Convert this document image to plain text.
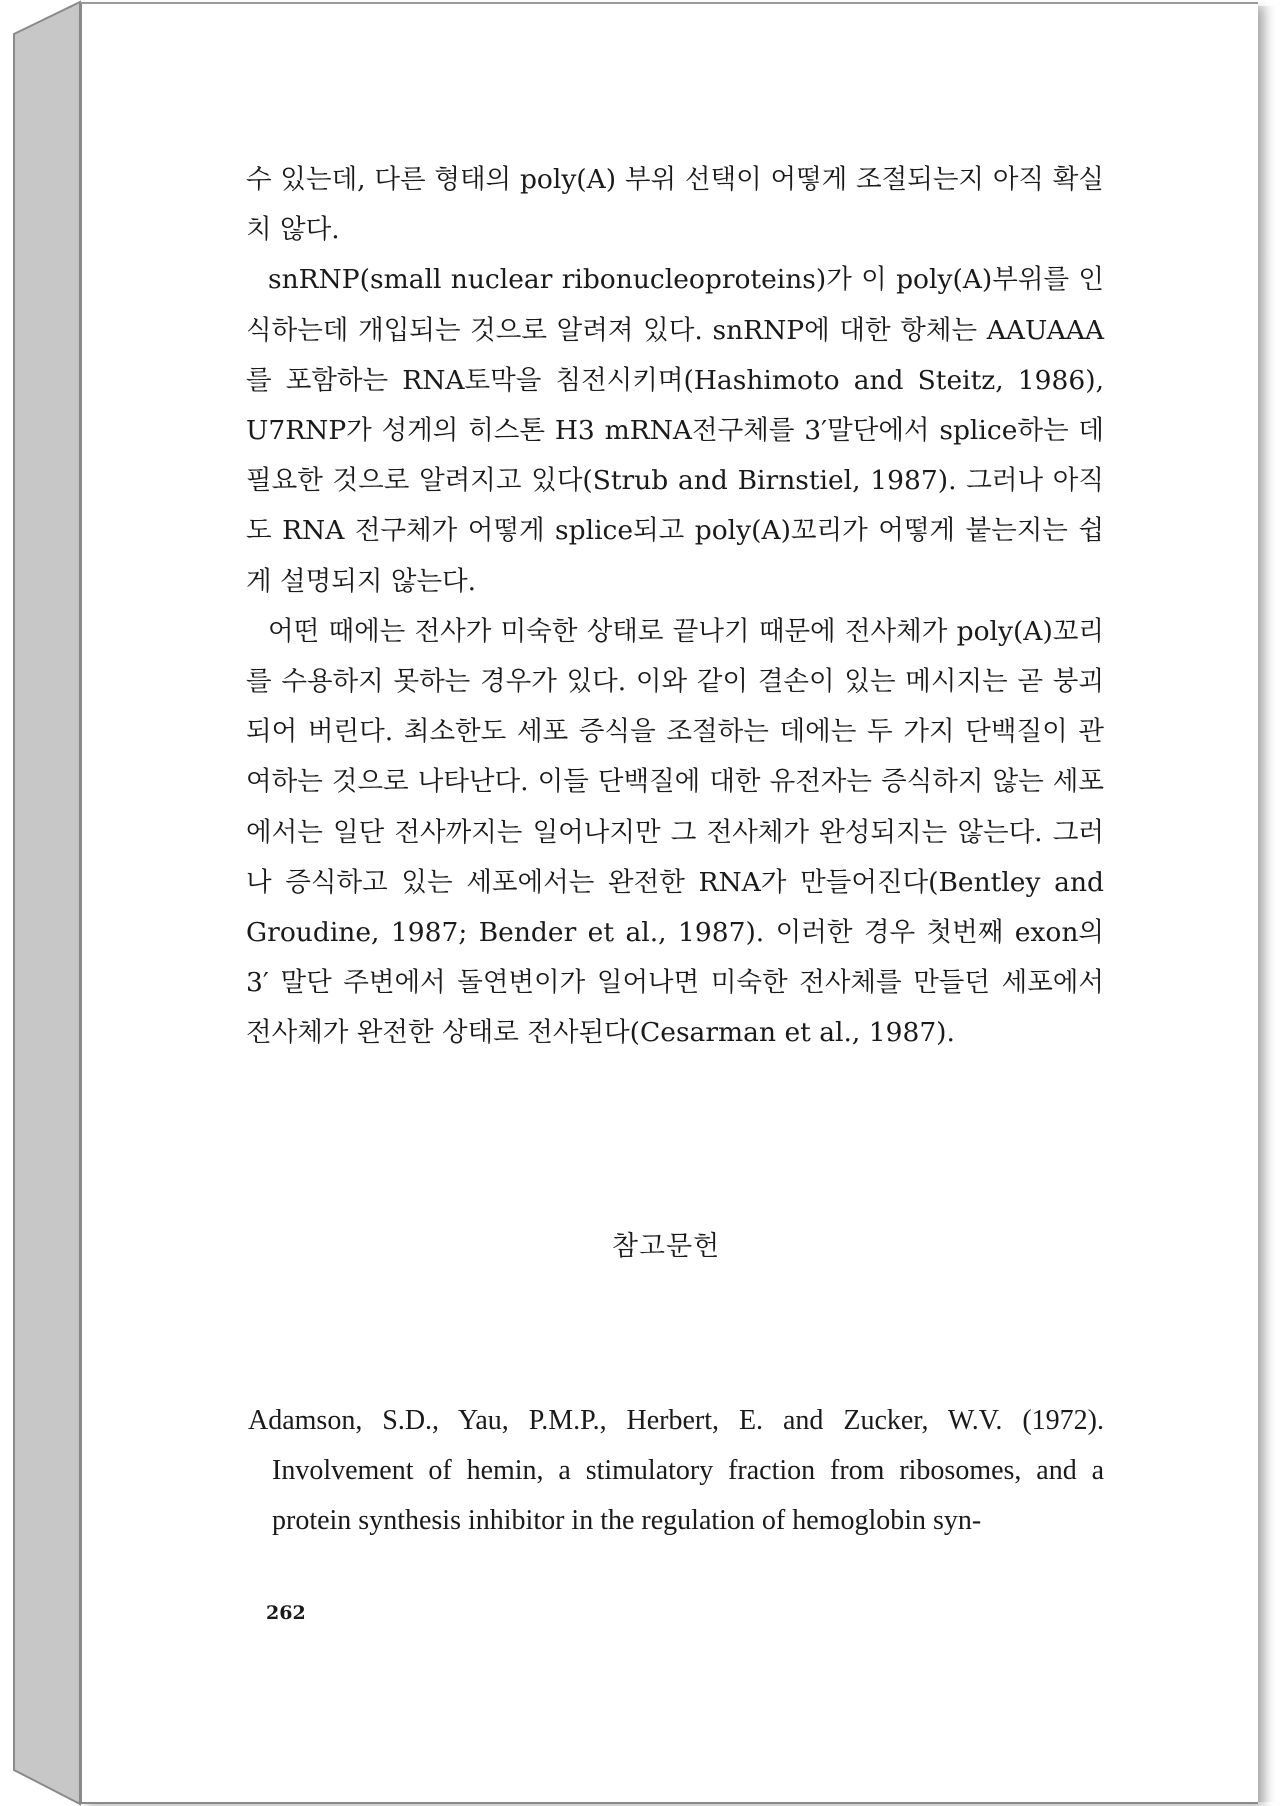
수 있는데, 다른 형태의 poly(A) 부위 선택이 어떻게 조절되는지 아직 확실치 않다.

snRNP(small nuclear ribonucleoproteins)가 이 poly(A)부위를 인식하는데 개입되는 것으로 알려져 있다. snRNP에 대한 항체는 AAUAAA를 포함하는 RNA토막을 침전시키며(Hashimoto and Steitz, 1986), U7RNP가 성게의 히스톤 H3 mRNA전구체를 3′말단에서 splice하는 데 필요한 것으로 알려지고 있다(Strub and Birnstiel, 1987). 그러나 아직도 RNA 전구체가 어떻게 splice되고 poly(A)꼬리가 어떻게 붙는지는 쉽게 설명되지 않는다.

어떤 때에는 전사가 미숙한 상태로 끝나기 때문에 전사체가 poly(A)꼬리를 수용하지 못하는 경우가 있다. 이와 같이 결손이 있는 메시지는 곧 붕괴되어 버린다. 최소한도 세포 증식을 조절하는 데에는 두 가지 단백질이 관여하는 것으로 나타난다. 이들 단백질에 대한 유전자는 증식하지 않는 세포에서는 일단 전사까지는 일어나지만 그 전사체가 완성되지는 않는다. 그러나 증식하고 있는 세포에서는 완전한 RNA가 만들어진다(Bentley and Groudine, 1987; Bender et al., 1987). 이러한 경우 첫번째 exon의 3′ 말단 주변에서 돌연변이가 일어나면 미숙한 전사체를 만들던 세포에서 전사체가 완전한 상태로 전사된다(Cesarman et al., 1987).

참고문헌

Adamson, S.D., Yau, P.M.P., Herbert, E. and Zucker, W.V. (1972). Involvement of hemin, a stimulatory fraction from ribosomes, and a protein synthesis inhibitor in the regulation of hemoglobin syn-

262
